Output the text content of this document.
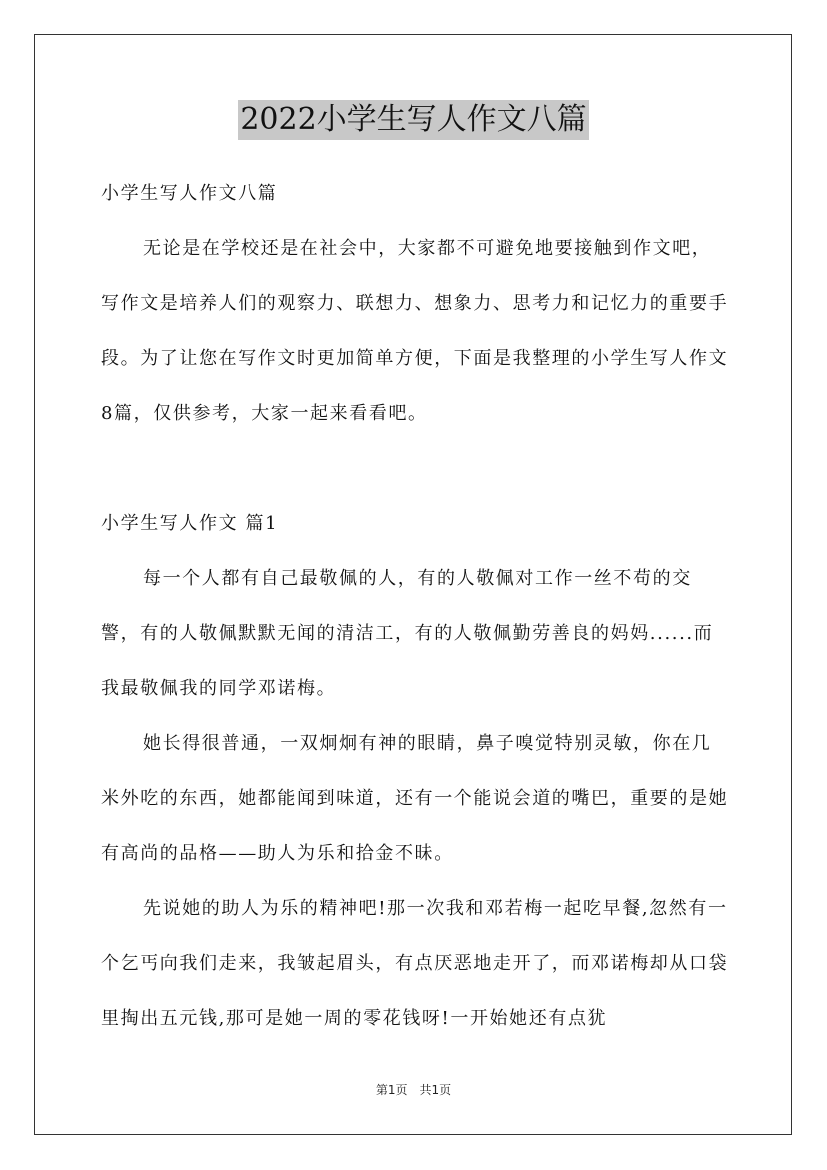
2022小学生写人作文八篇

小学生写人作文八篇

无论是在学校还是在社会中，大家都不可避免地要接触到作文吧，写作文是培养人们的观察力、联想力、想象力、思考力和记忆力的重要手段。为了让您在写作文时更加简单方便，下面是我整理的小学生写人作文8篇，仅供参考，大家一起来看看吧。

小学生写人作文 篇1

每一个人都有自己最敬佩的人，有的人敬佩对工作一丝不苟的交警，有的人敬佩默默无闻的清洁工，有的人敬佩勤劳善良的妈妈......而我最敬佩我的同学邓诺梅。

她长得很普通，一双炯炯有神的眼睛，鼻子嗅觉特别灵敏，你在几米外吃的东西，她都能闻到味道，还有一个能说会道的嘴巴，重要的是她有高尚的品格——助人为乐和拾金不昧。

先说她的助人为乐的精神吧!那一次我和邓若梅一起吃早餐,忽然有一个乞丐向我们走来，我皱起眉头，有点厌恶地走开了，而邓诺梅却从口袋里掏出五元钱,那可是她一周的零花钱呀!一开始她还有点犹

第1页　共1页
